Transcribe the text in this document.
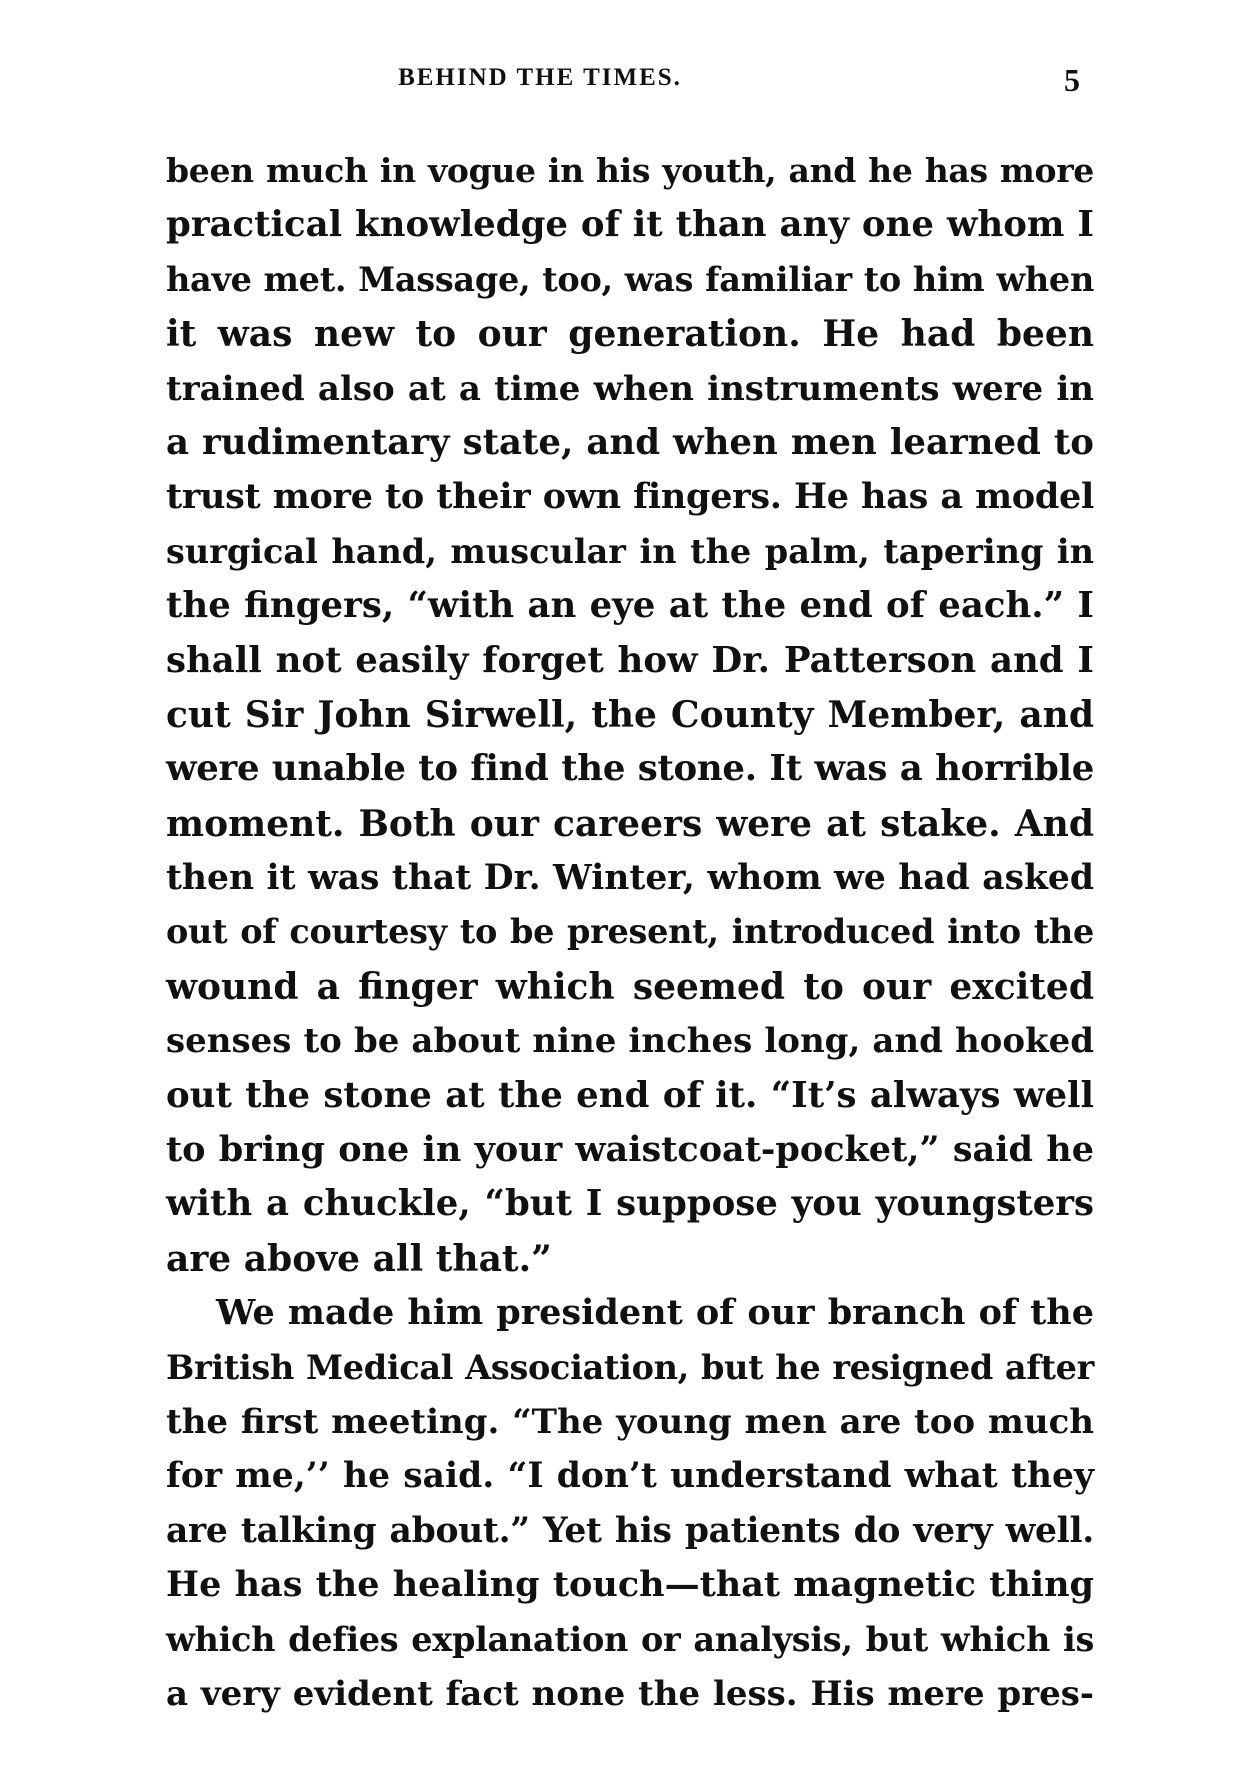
BEHIND THE TIMES.	5
been much in vogue in his youth, and he has more
practical knowledge of it than any one whom I
have met. Massage, too, was familiar to him when
it was new to our generation. He had been
trained also at a time when instruments were in
a rudimentary state, and when men learned to
trust more to their own fingers. He has a model
surgical hand, muscular in the palm, tapering in
the fingers, “with an eye at the end of each.” I
shall not easily forget how Dr. Patterson and I
cut Sir John Sirwell, the County Member, and
were unable to find the stone. It was a horrible
moment. Both our careers were at stake. And
then it was that Dr. Winter, whom we had asked
out of courtesy to be present, introduced into the
wound a finger which seemed to our excited
senses to be about nine inches long, and hooked
out the stone at the end of it. “It’s always well
to bring one in your waistcoat-pocket,” said he
with a chuckle, “but I suppose you youngsters
are above all that.”
We made him president of our branch of the
British Medical Association, but he resigned after
the first meeting. “The young men are too much
for me,’’ he said. “I don’t understand what they
are talking about.” Yet his patients do very well.
He has the healing touch—that magnetic thing
which defies explanation or analysis, but which is
a very evident fact none the less. His mere pres-
